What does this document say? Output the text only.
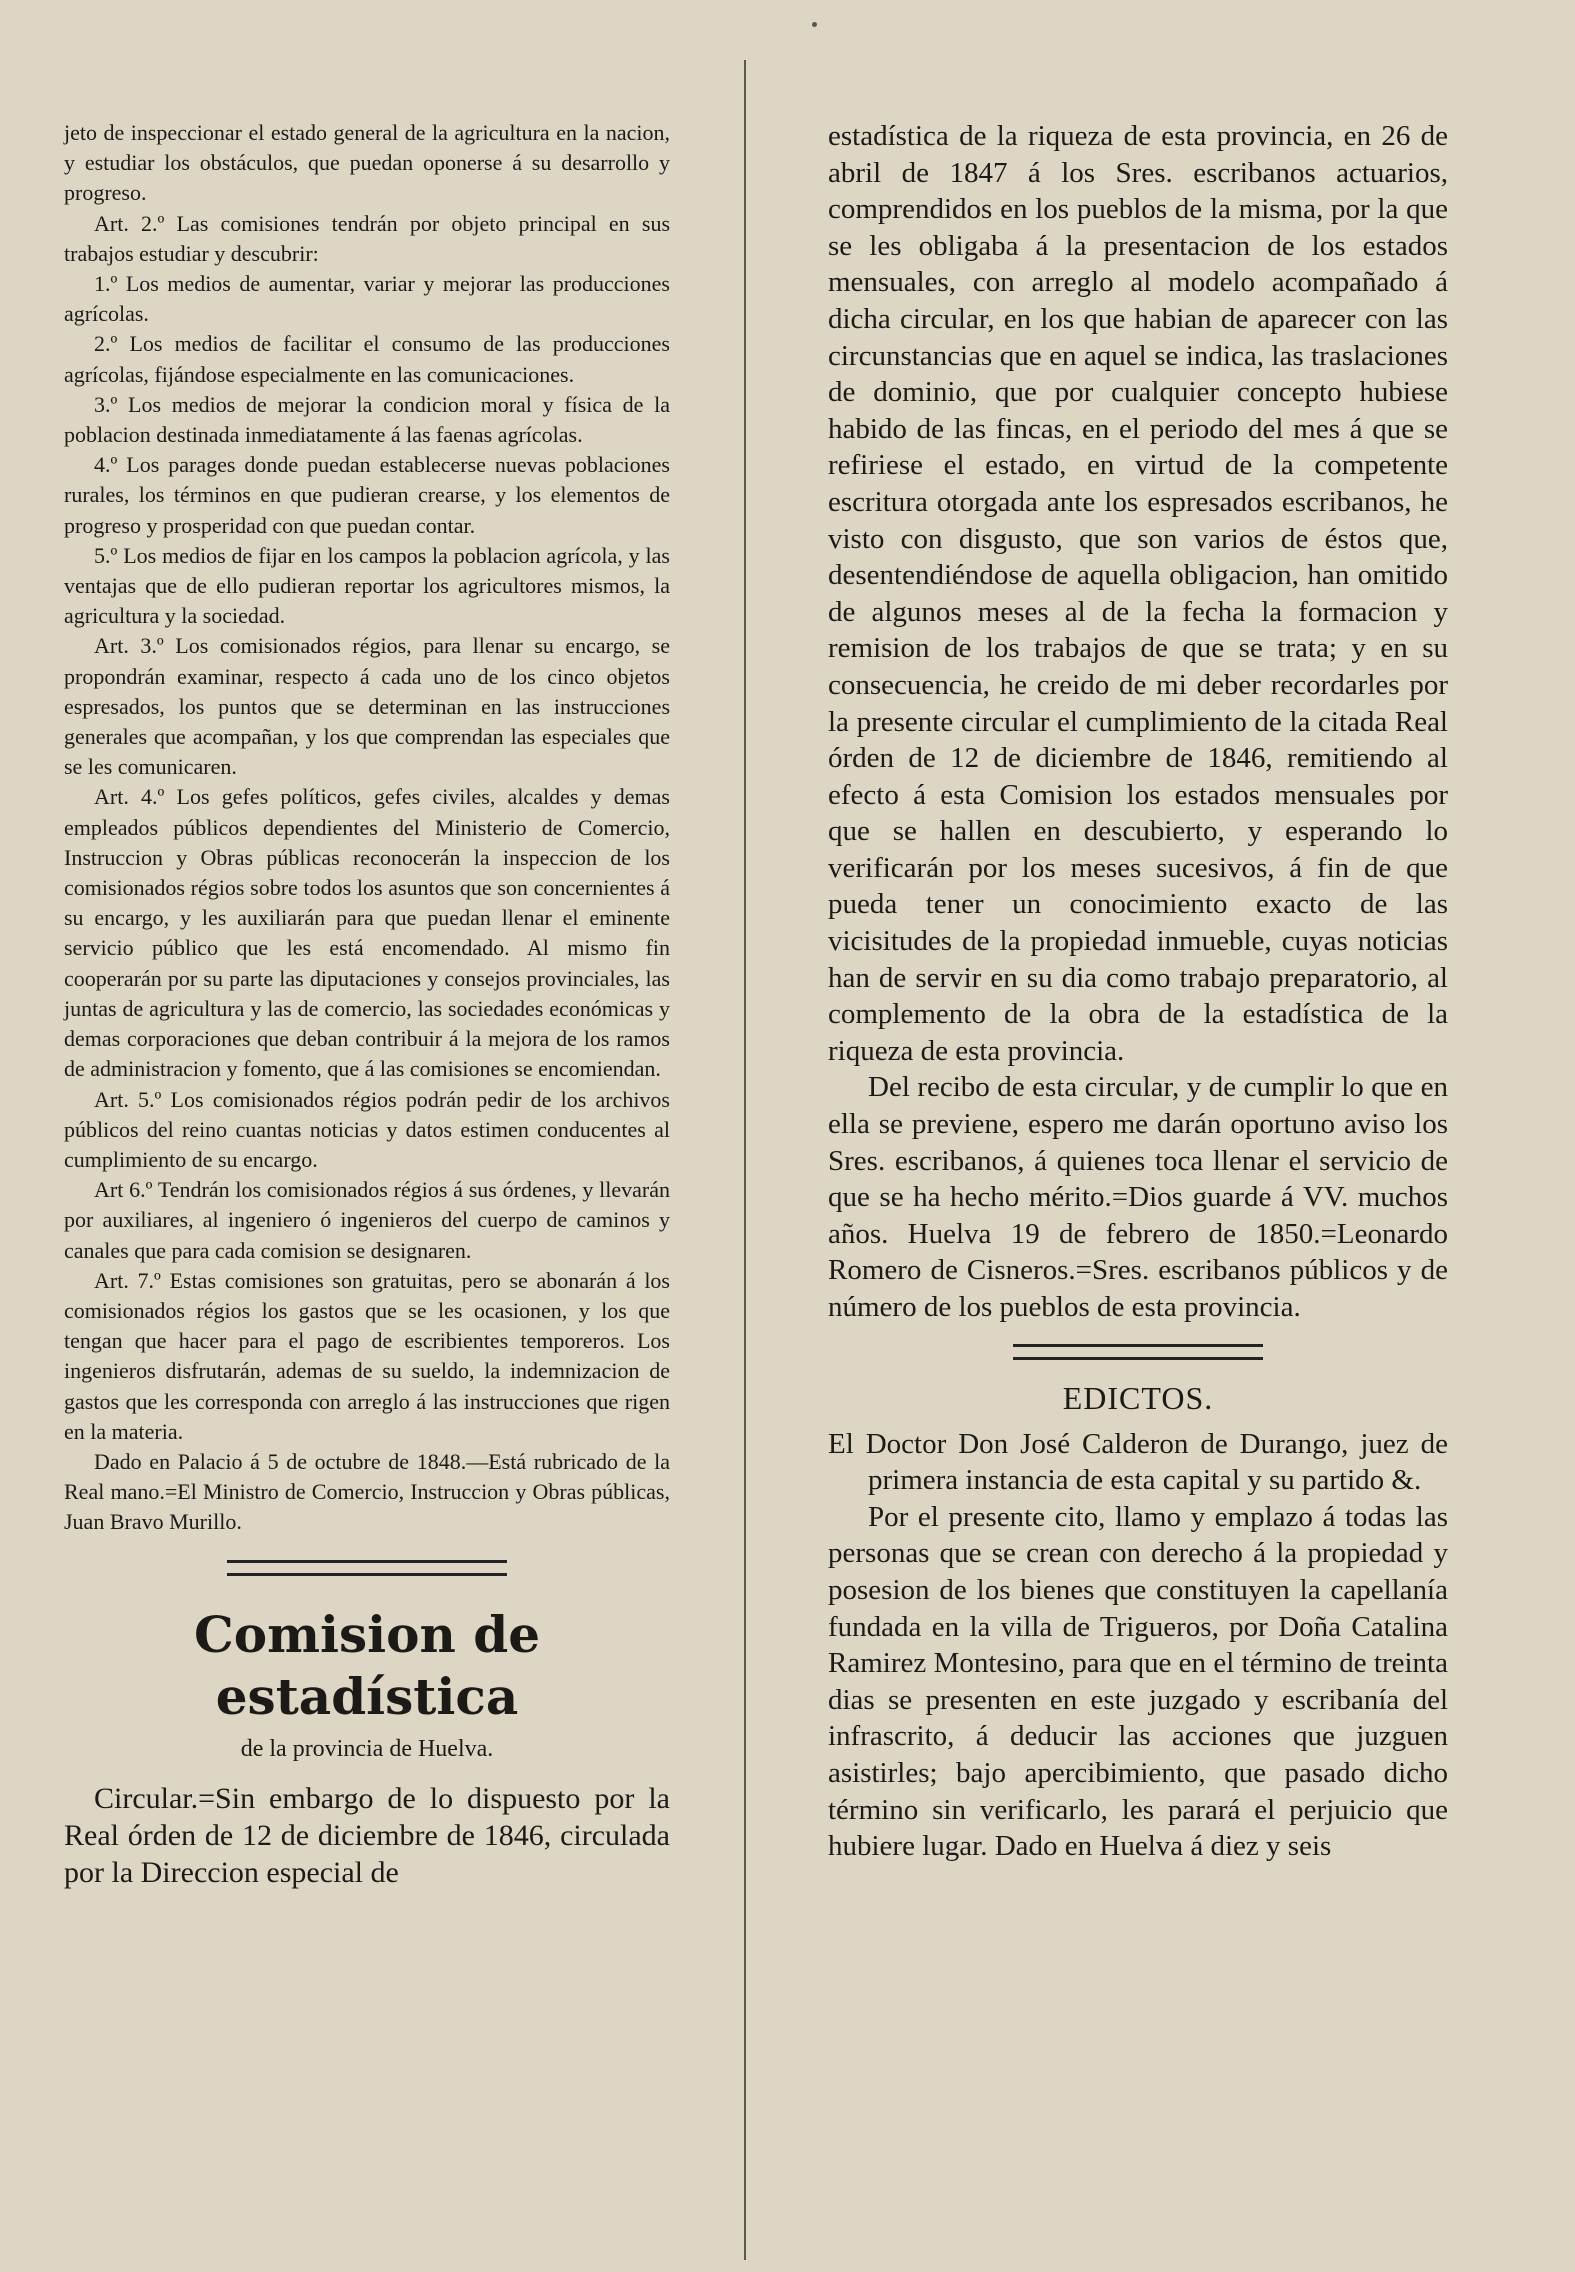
jeto de inspeccionar el estado general de la agricultura en la nacion, y estudiar los obstáculos, que puedan oponerse á su desarrollo y progreso.

Art. 2.º Las comisiones tendrán por objeto principal en sus trabajos estudiar y descubrir:

1.º Los medios de aumentar, variar y mejorar las producciones agrícolas.

2.º Los medios de facilitar el consumo de las producciones agrícolas, fijándose especialmente en las comunicaciones.

3.º Los medios de mejorar la condicion moral y física de la poblacion destinada inmediatamente á las faenas agrícolas.

4.º Los parages donde puedan establecerse nuevas poblaciones rurales, los términos en que pudieran crearse, y los elementos de progreso y prosperidad con que puedan contar.

5.º Los medios de fijar en los campos la poblacion agrícola, y las ventajas que de ello pudieran reportar los agricultores mismos, la agricultura y la sociedad.

Art. 3.º Los comisionados régios, para llenar su encargo, se propondrán examinar, respecto á cada uno de los cinco objetos espresados, los puntos que se determinan en las instrucciones generales que acompañan, y los que comprendan las especiales que se les comunicaren.

Art. 4.º Los gefes políticos, gefes civiles, alcaldes y demas empleados públicos dependientes del Ministerio de Comercio, Instruccion y Obras públicas reconocerán la inspeccion de los comisionados régios sobre todos los asuntos que son concernientes á su encargo, y les auxiliarán para que puedan llenar el eminente servicio público que les está encomendado. Al mismo fin cooperarán por su parte las diputaciones y consejos provinciales, las juntas de agricultura y las de comercio, las sociedades económicas y demas corporaciones que deban contribuir á la mejora de los ramos de administracion y fomento, que á las comisiones se encomiendan.

Art. 5.º Los comisionados régios podrán pedir de los archivos públicos del reino cuantas noticias y datos estimen conducentes al cumplimiento de su encargo.

Art 6.º Tendrán los comisionados régios á sus órdenes, y llevarán por auxiliares, al ingeniero ó ingenieros del cuerpo de caminos y canales que para cada comision se designaren.

Art. 7.º Estas comisiones son gratuitas, pero se abonarán á los comisionados régios los gastos que se les ocasionen, y los que tengan que hacer para el pago de escribientes temporeros. Los ingenieros disfrutarán, ademas de su sueldo, la indemnizacion de gastos que les corresponda con arreglo á las instrucciones que rigen en la materia.

Dado en Palacio á 5 de octubre de 1848.—Está rubricado de la Real mano.=El Ministro de Comercio, Instruccion y Obras públicas, Juan Bravo Murillo.

Comision de estadística
de la provincia de Huelva.

Circular.=Sin embargo de lo dispuesto por la Real órden de 12 de diciembre de 1846, circulada por la Direccion especial de

estadística de la riqueza de esta provincia, en 26 de abril de 1847 á los Sres. escribanos actuarios, comprendidos en los pueblos de la misma, por la que se les obligaba á la presentacion de los estados mensuales, con arreglo al modelo acompañado á dicha circular, en los que habian de aparecer con las circunstancias que en aquel se indica, las traslaciones de dominio, que por cualquier concepto hubiese habido de las fincas, en el periodo del mes á que se refiriese el estado, en virtud de la competente escritura otorgada ante los espresados escribanos, he visto con disgusto, que son varios de éstos que, desentendiéndose de aquella obligacion, han omitido de algunos meses al de la fecha la formacion y remision de los trabajos de que se trata; y en su consecuencia, he creido de mi deber recordarles por la presente circular el cumplimiento de la citada Real órden de 12 de diciembre de 1846, remitiendo al efecto á esta Comision los estados mensuales por que se hallen en descubierto, y esperando lo verificarán por los meses sucesivos, á fin de que pueda tener un conocimiento exacto de las vicisitudes de la propiedad inmueble, cuyas noticias han de servir en su dia como trabajo preparatorio, al complemento de la obra de la estadística de la riqueza de esta provincia.

Del recibo de esta circular, y de cumplir lo que en ella se previene, espero me darán oportuno aviso los Sres. escribanos, á quienes toca llenar el servicio de que se ha hecho mérito.=Dios guarde á VV. muchos años. Huelva 19 de febrero de 1850.=Leonardo Romero de Cisneros.=Sres. escribanos públicos y de número de los pueblos de esta provincia.

EDICTOS.

El Doctor Don José Calderon de Durango, juez de primera instancia de esta capital y su partido &.

Por el presente cito, llamo y emplazo á todas las personas que se crean con derecho á la propiedad y posesion de los bienes que constituyen la capellanía fundada en la villa de Trigueros, por Doña Catalina Ramirez Montesino, para que en el término de treinta dias se presenten en este juzgado y escribanía del infrascrito, á deducir las acciones que juzguen asistirles; bajo apercibimiento, que pasado dicho término sin verificarlo, les parará el perjuicio que hubiere lugar. Dado en Huelva á diez y seis
